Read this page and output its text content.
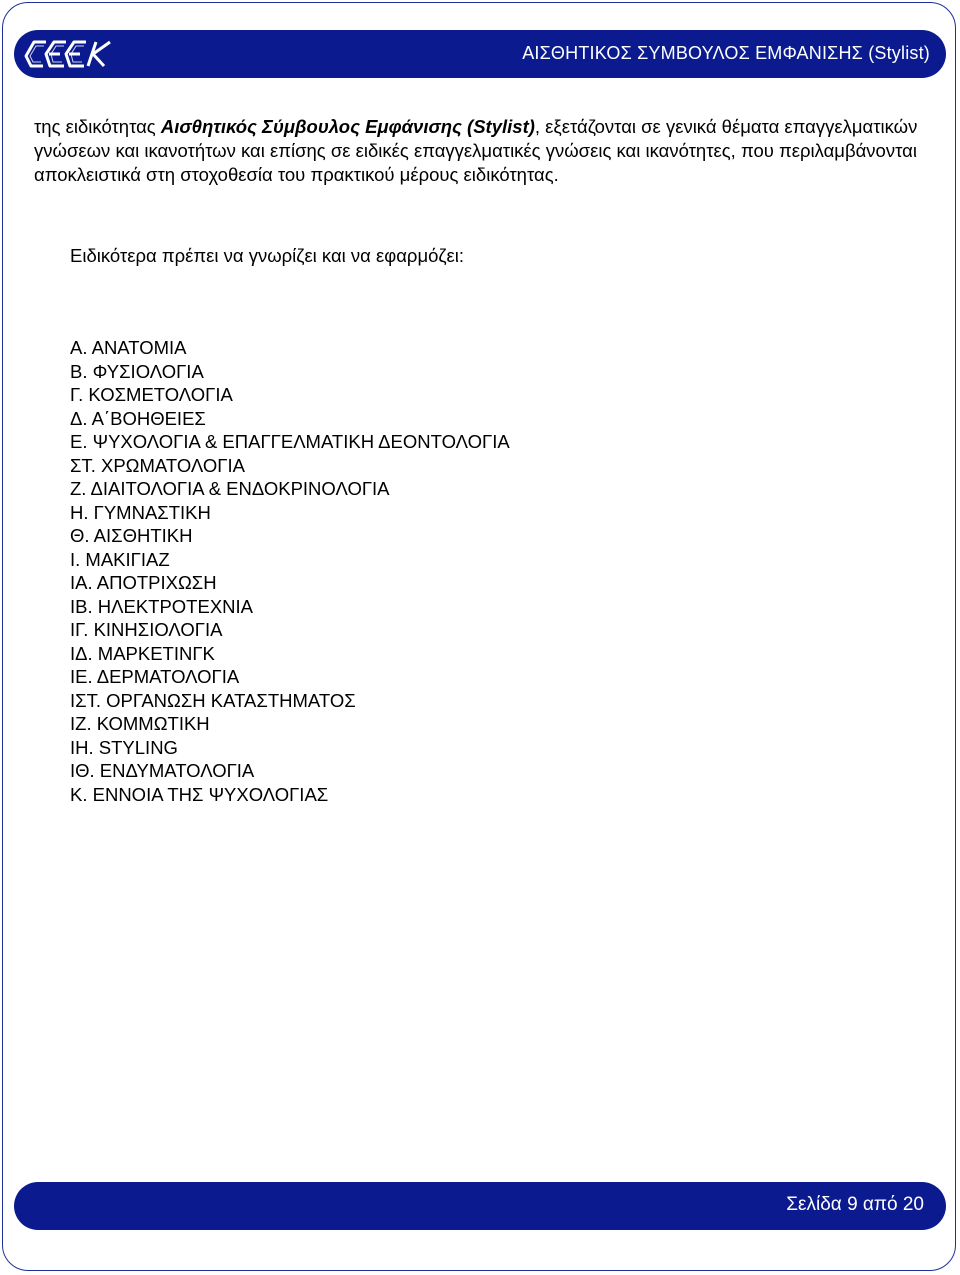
ΑΙΣΘΗΤΙΚΟΣ ΣΥΜΒΟΥΛΟΣ ΕΜΦΑΝΙΣΗΣ (Stylist)

της ειδικότητας Αισθητικός Σύμβουλος Εμφάνισης (Stylist), εξετάζονται σε γενικά θέματα επαγγελματικών γνώσεων και ικανοτήτων και επίσης σε ειδικές επαγγελματικές γνώσεις και ικανότητες, που περιλαμβάνονται αποκλειστικά στη στοχοθεσία του πρακτικού μέρους ειδικότητας.

Ειδικότερα πρέπει να γνωρίζει και να εφαρμόζει:

Α. ΑΝΑΤΟΜΙΑ
Β. ΦΥΣΙΟΛΟΓΙΑ
Γ. ΚΟΣΜΕΤΟΛΟΓΙΑ
Δ. Α΄ΒΟΗΘΕΙΕΣ
Ε. ΨΥΧΟΛΟΓΙΑ & ΕΠΑΓΓΕΛΜΑΤΙΚΗ ΔΕΟΝΤΟΛΟΓΙΑ
ΣΤ. ΧΡΩΜΑΤΟΛΟΓΙΑ
Ζ. ΔΙΑΙΤΟΛΟΓΙΑ & ΕΝΔΟΚΡΙΝΟΛΟΓΙΑ
Η. ΓΥΜΝΑΣΤΙΚΗ
Θ. ΑΙΣΘΗΤΙΚΗ
Ι. ΜΑΚΙΓΙΑΖ
ΙΑ. ΑΠΟΤΡΙΧΩΣΗ
ΙΒ. ΗΛΕΚΤΡΟΤΕΧΝΙΑ
ΙΓ. ΚΙΝΗΣΙΟΛΟΓΙΑ
ΙΔ. ΜΑΡΚΕΤΙΝΓΚ
ΙΕ. ΔΕΡΜΑΤΟΛΟΓΙΑ
ΙΣΤ. ΟΡΓΑΝΩΣΗ ΚΑΤΑΣΤΗΜΑΤΟΣ
ΙΖ. ΚΟΜΜΩΤΙΚΗ
ΙΗ. STYLING
ΙΘ. ΕΝΔΥΜΑΤΟΛΟΓΙΑ
Κ. ΕΝΝΟΙΑ ΤΗΣ ΨΥΧΟΛΟΓΙΑΣ
Σελίδα 9 από 20
